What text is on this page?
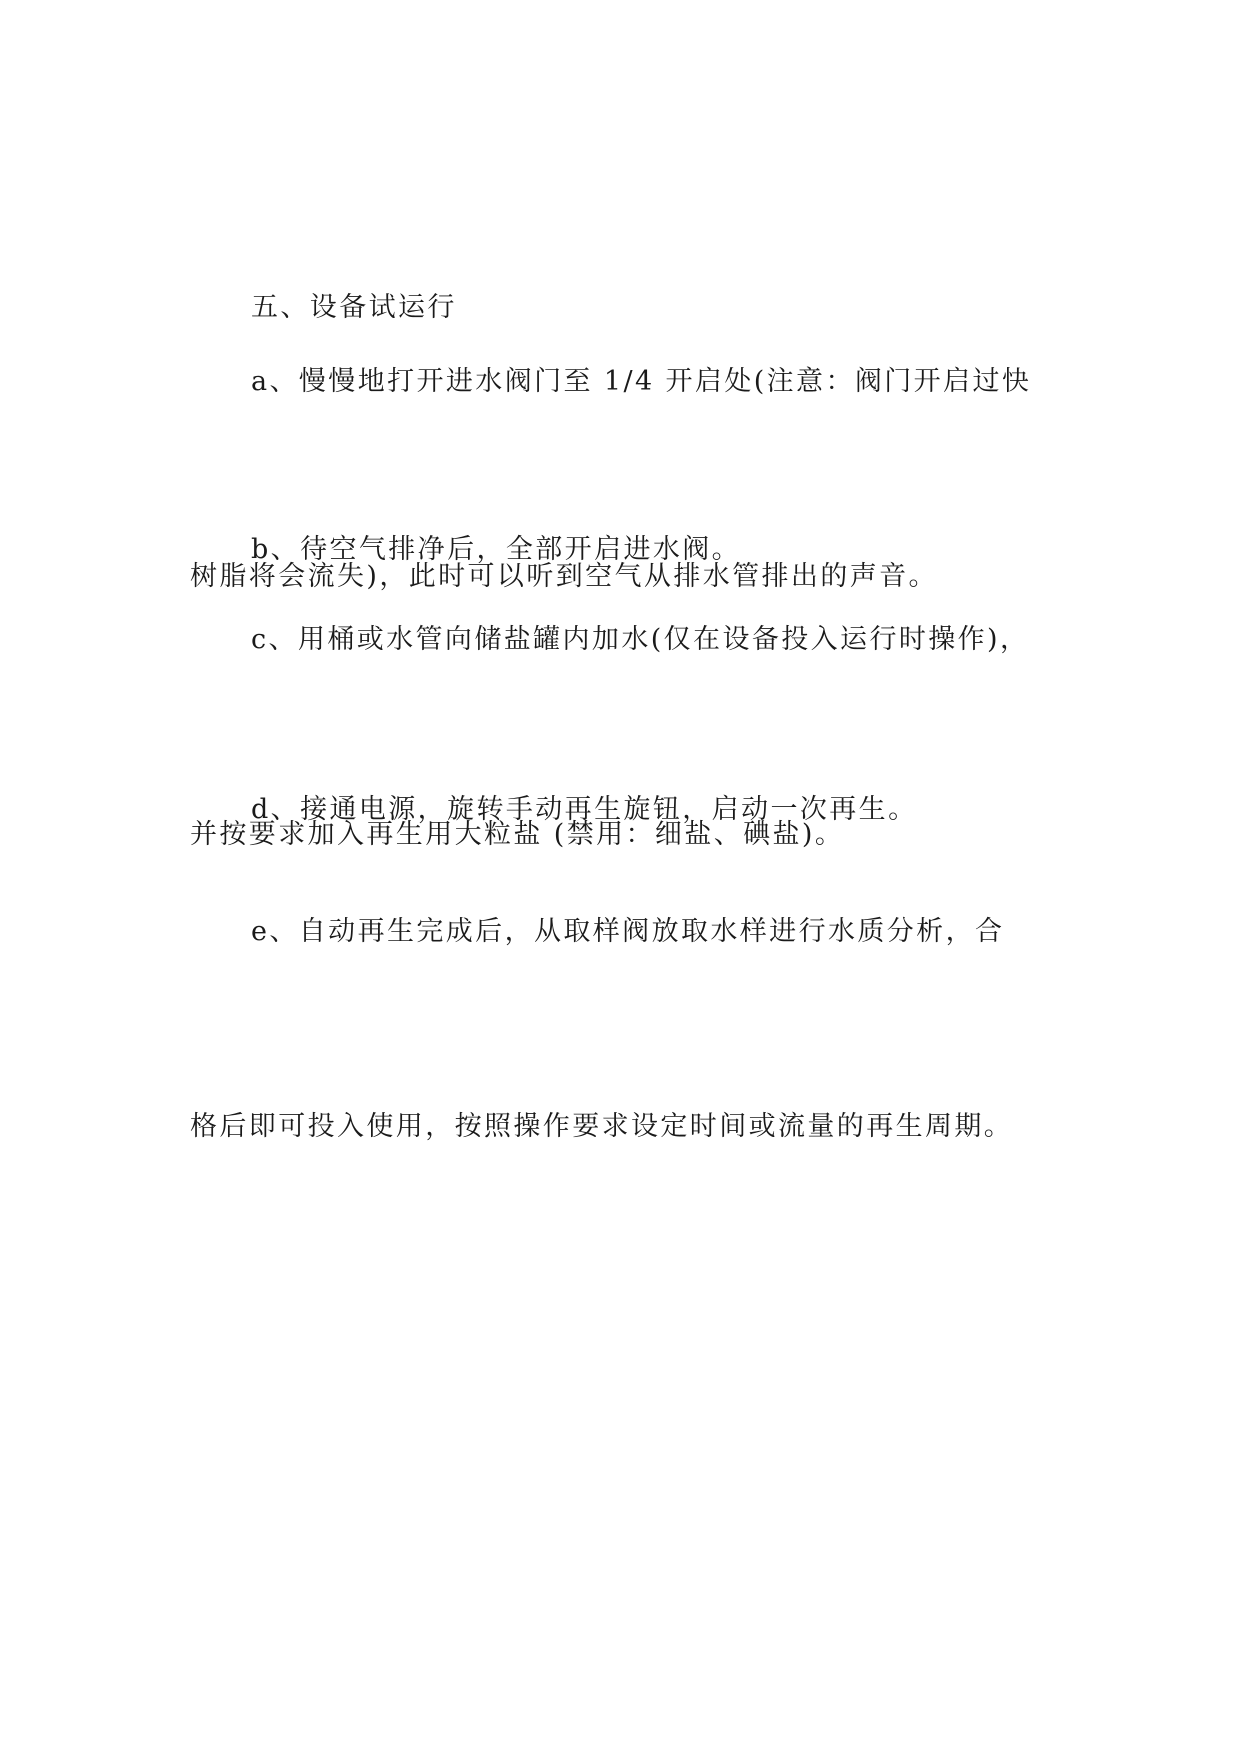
五、设备试运行

a、慢慢地打开进水阀门至 1/4 开启处(注意：阀门开启过快

树脂将会流失)，此时可以听到空气从排水管排出的声音。

b、待空气排净后，全部开启进水阀。

c、用桶或水管向储盐罐内加水(仅在设备投入运行时操作)，

并按要求加入再生用大粒盐 (禁用：细盐、碘盐)。

d、接通电源，旋转手动再生旋钮，启动一次再生。

e、自动再生完成后，从取样阀放取水样进行水质分析，合

格后即可投入使用，按照操作要求设定时间或流量的再生周期。
